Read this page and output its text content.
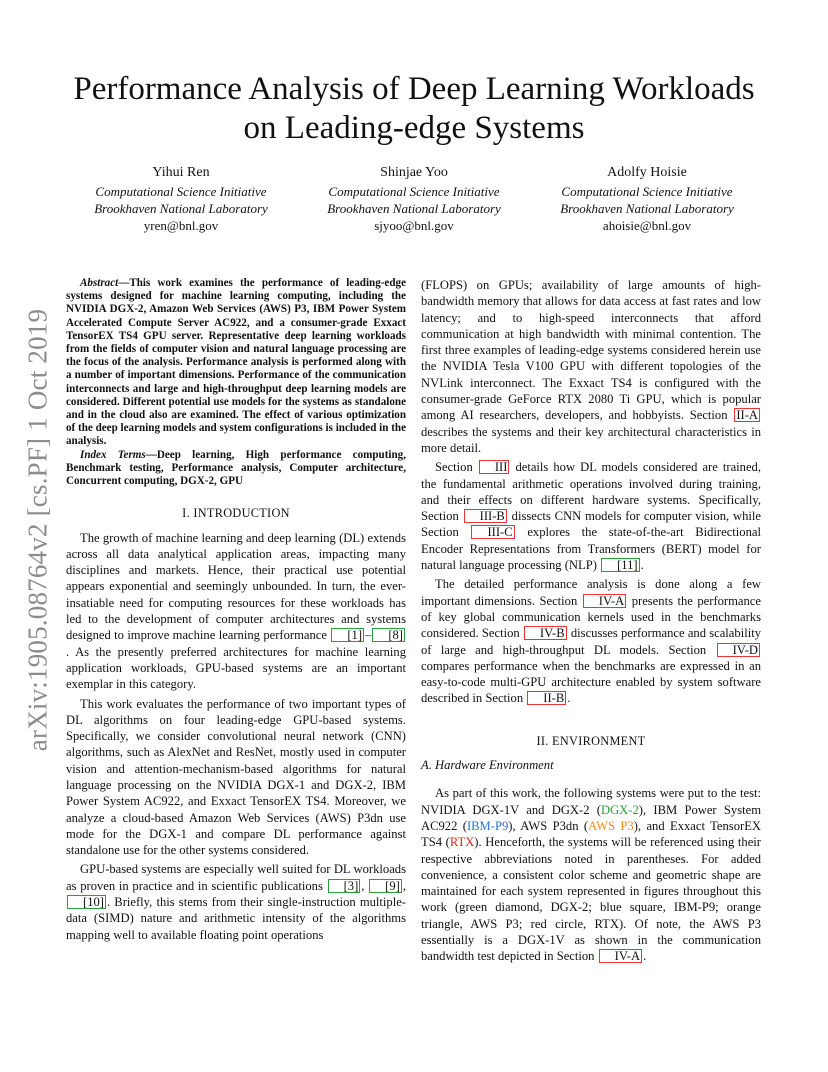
arXiv:1905.08764v2 [cs.PF] 1 Oct 2019
Performance Analysis of Deep Learning Workloads
on Leading-edge Systems
Yihui Ren
Computational Science Initiative
Brookhaven National Laboratory
yren@bnl.gov
Shinjae Yoo
Computational Science Initiative
Brookhaven National Laboratory
sjyoo@bnl.gov
Adolfy Hoisie
Computational Science Initiative
Brookhaven National Laboratory
ahoisie@bnl.gov

Abstract—This work examines the performance of leading-edge systems designed for machine learning computing, including the NVIDIA DGX-2, Amazon Web Services (AWS) P3, IBM Power System Accelerated Compute Server AC922, and a consumer-grade Exxact TensorEX TS4 GPU server. Representative deep learning workloads from the fields of computer vision and natural language processing are the focus of the analysis. Performance analysis is performed along with a number of important dimensions. Performance of the communication interconnects and large and high-throughput deep learning models are considered. Different potential use models for the systems as standalone and in the cloud also are examined. The effect of various optimization of the deep learning models and system configurations is included in the analysis.

Index Terms—Deep learning, High performance computing, Benchmark testing, Performance analysis, Computer architecture, Concurrent computing, DGX-2, GPU

I. INTRODUCTION

The growth of machine learning and deep learning (DL) extends across all data analytical application areas, impacting many disciplines and markets. Hence, their practical use potential appears exponential and seemingly unbounded. In turn, the ever-insatiable need for computing resources for these workloads has led to the development of computer architectures and systems designed to improve machine learning performance [1] – [8]. As the presently preferred architectures for machine learning application workloads, GPU-based systems are an important exemplar in this category.

This work evaluates the performance of two important types of DL algorithms on four leading-edge GPU-based systems. Specifically, we consider convolutional neural network (CNN) algorithms, such as AlexNet and ResNet, mostly used in computer vision and attention-mechanism-based algorithms for natural language processing on the NVIDIA DGX-1 and DGX-2, IBM Power System AC922, and Exxact TensorEX TS4. Moreover, we analyze a cloud-based Amazon Web Services (AWS) P3dn use mode for the DGX-1 and compare DL performance against standalone use for the other systems considered.

GPU-based systems are especially well suited for DL workloads as proven in practice and in scientific publications [3] , [9] , [10] . Briefly, this stems from their single-instruction multiple-data (SIMD) nature and arithmetic intensity of the algorithms mapping well to available floating point operations

(FLOPS) on GPUs; availability of large amounts of high-bandwidth memory that allows for data access at fast rates and low latency; and to high-speed interconnects that afford communication at high bandwidth with minimal contention. The first three examples of leading-edge systems considered herein use the NVIDIA Tesla V100 GPU with different topologies of the NVLink interconnect. The Exxact TS4 is configured with the consumer-grade GeForce RTX 2080 Ti GPU, which is popular among AI researchers, developers, and hobbyists. Section II-A describes the systems and their key architectural characteristics in more detail.

Section III details how DL models considered are trained, the fundamental arithmetic operations involved during training, and their effects on different hardware systems. Specifically, Section III-B dissects CNN models for computer vision, while Section III-C explores the state-of-the-art Bidirectional Encoder Representations from Transformers (BERT) model for natural language processing (NLP) [11] .

The detailed performance analysis is done along a few important dimensions. Section IV-A presents the performance of key global communication kernels used in the benchmarks considered. Section IV-B discusses performance and scalability of large and high-throughput DL models. Section IV-D compares performance when the benchmarks are expressed in an easy-to-code multi-GPU architecture enabled by system software described in Section II-B .

II. ENVIRONMENT
A. Hardware Environment

As part of this work, the following systems were put to the test: NVIDIA DGX-1V and DGX-2 (DGX-2), IBM Power System AC922 (IBM-P9), AWS P3dn (AWS P3), and Exxact TensorEX TS4 (RTX). Henceforth, the systems will be referenced using their respective abbreviations noted in parentheses. For added convenience, a consistent color scheme and geometric shape are maintained for each system represented in figures throughout this work (green diamond, DGX-2; blue square, IBM-P9; orange triangle, AWS P3; red circle, RTX). Of note, the AWS P3 essentially is a DGX-1V as shown in the communication bandwidth test depicted in Section IV-A .
